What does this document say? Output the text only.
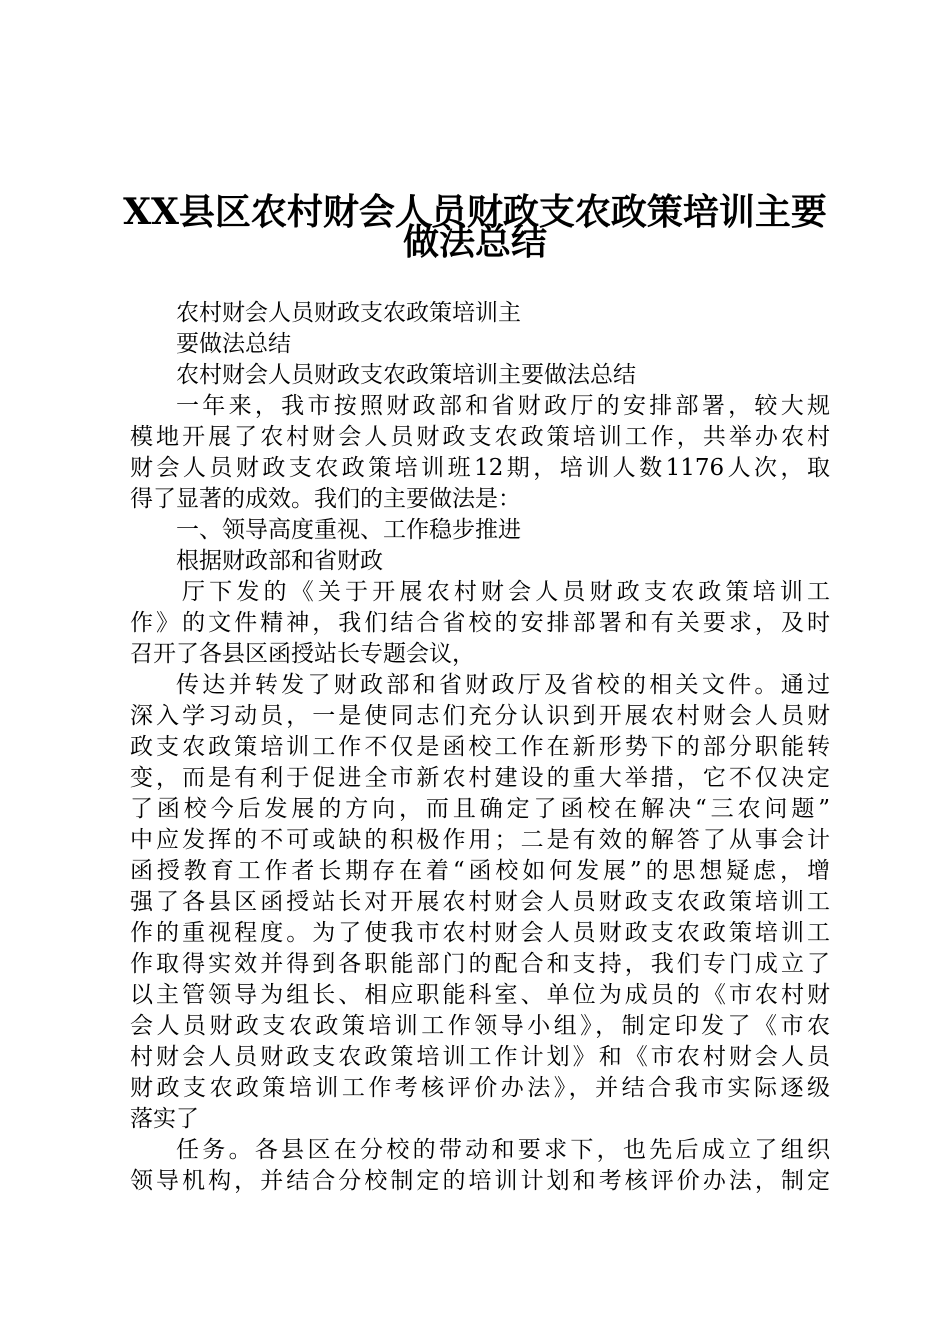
XX县区农村财会人员财政支农政策培训主要
做法总结
农村财会人员财政支农政策培训主
要做法总结
农村财会人员财政支农政策培训主要做法总结
一年来，我市按照财政部和省财政厅的安排部署，较大规
模地开展了农村财会人员财政支农政策培训工作，共举办农村
财会人员财政支农政策培训班12期，培训人数1176人次，取
得了显著的成效。我们的主要做法是：
一、领导高度重视、工作稳步推进
根据财政部和省财政
厅下发的《关于开展农村财会人员财政支农政策培训工
作》的文件精神，我们结合省校的安排部署和有关要求，及时
召开了各县区函授站长专题会议，
传达并转发了财政部和省财政厅及省校的相关文件。通过
深入学习动员，一是使同志们充分认识到开展农村财会人员财
政支农政策培训工作不仅是函校工作在新形势下的部分职能转
变，而是有利于促进全市新农村建设的重大举措，它不仅决定
了函校今后发展的方向，而且确定了函校在解决“三农问题”
中应发挥的不可或缺的积极作用；二是有效的解答了从事会计
函授教育工作者长期存在着“函校如何发展”的思想疑虑，增
强了各县区函授站长对开展农村财会人员财政支农政策培训工
作的重视程度。为了使我市农村财会人员财政支农政策培训工
作取得实效并得到各职能部门的配合和支持，我们专门成立了
以主管领导为组长、相应职能科室、单位为成员的《市农村财
会人员财政支农政策培训工作领导小组》，制定印发了《市农
村财会人员财政支农政策培训工作计划》和《市农村财会人员
财政支农政策培训工作考核评价办法》，并结合我市实际逐级
落实了
任务。各县区在分校的带动和要求下，也先后成立了组织
领导机构，并结合分校制定的培训计划和考核评价办法，制定
